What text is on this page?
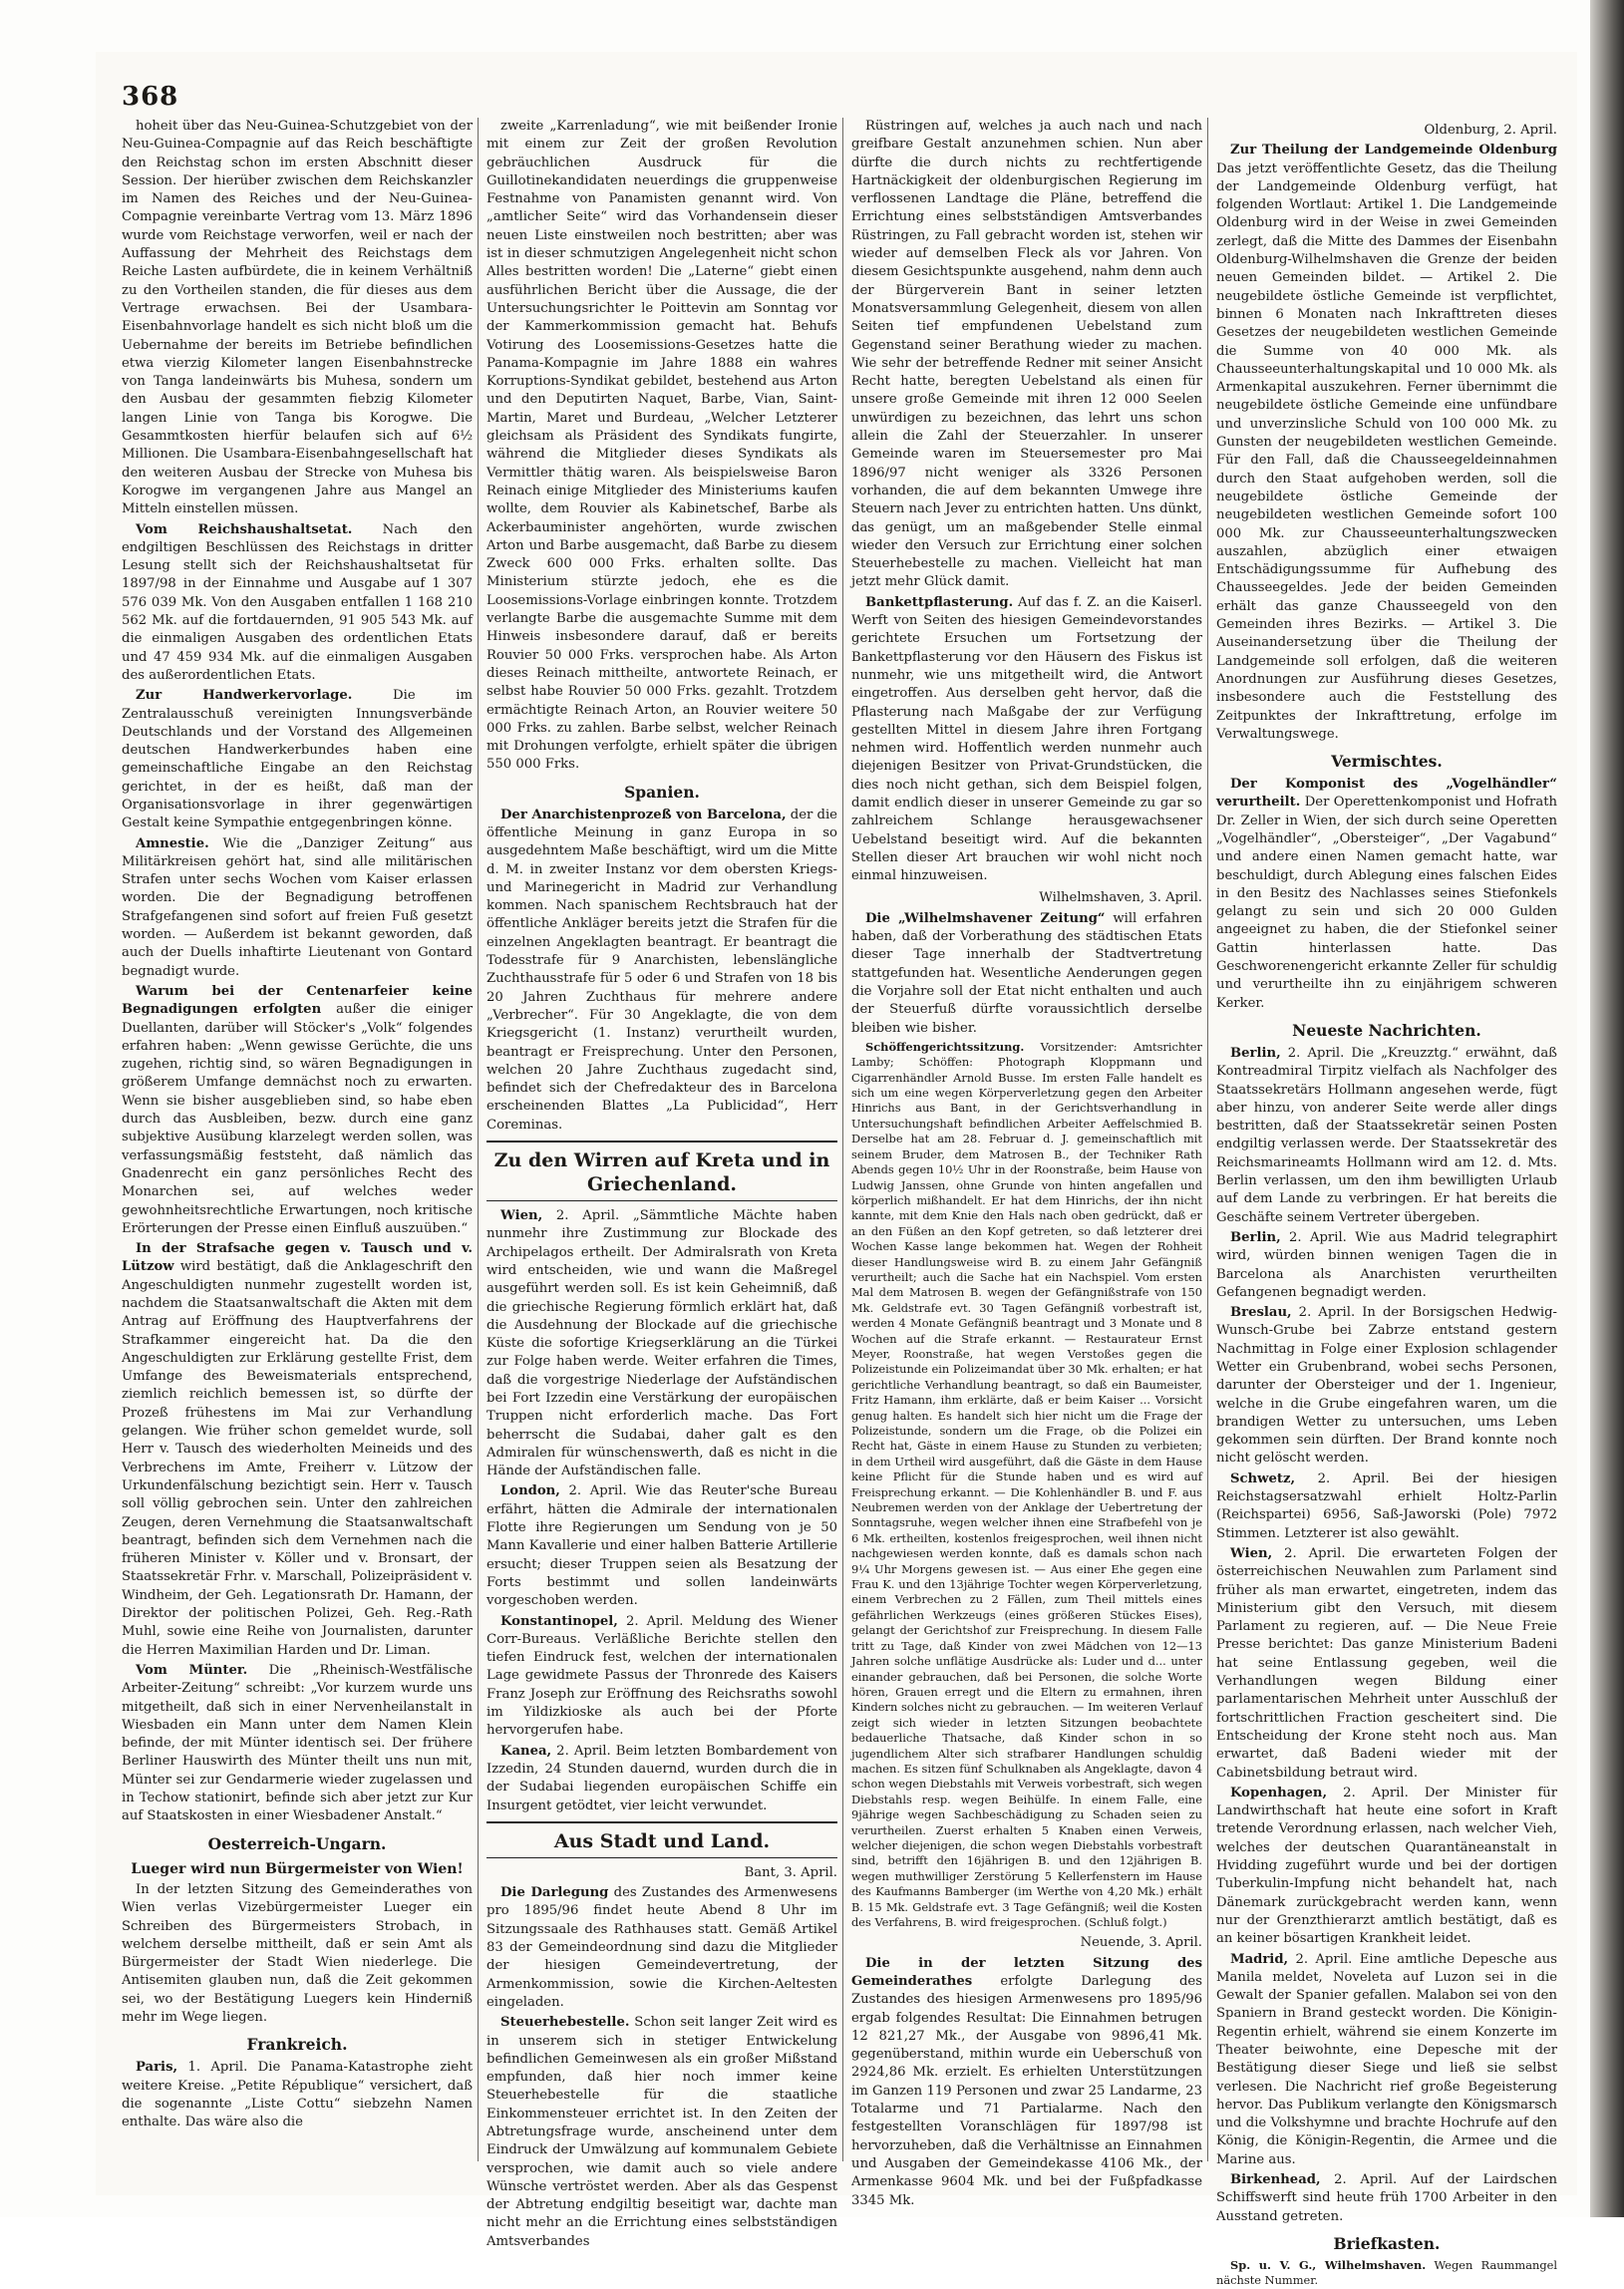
368

hoheit über das Neu-Guinea-Schutzgebiet von der Neu-Guinea-Compagnie auf das Reich beschäftigte den Reichstag schon im ersten Abschnitt dieser Session. Der hierüber zwischen dem Reichskanzler im Namen des Reiches und der Neu-Guinea-Compagnie vereinbarte Vertrag vom 13. März 1896 wurde vom Reichstage verworfen, weil er nach der Auffassung der Mehrheit des Reichstags dem Reiche Lasten aufbürdete, die in keinem Verhältniß zu den Vortheilen standen, die für dieses aus dem Vertrage erwachsen. Bei der Usambara-Eisenbahnvorlage handelt es sich nicht bloß um die Uebernahme der bereits im Betriebe befindlichen etwa vierzig Kilometer langen Eisenbahnstrecke von Tanga landeinwärts bis Muhesa, sondern um den Ausbau der gesammten fiebzig Kilometer langen Linie von Tanga bis Korogwe. Die Gesammtkosten hierfür belaufen sich auf 6½ Millionen. Die Usambara-Eisenbahngesellschaft hat den weiteren Ausbau der Strecke von Muhesa bis Korogwe im vergangenen Jahre aus Mangel an Mitteln einstellen müssen.

Vom Reichshaushaltsetat. Nach den endgiltigen Beschlüssen des Reichstags in dritter Lesung stellt sich der Reichshaushaltsetat für 1897/98 in der Einnahme und Ausgabe auf 1 307 576 039 Mk. Von den Ausgaben entfallen 1 168 210 562 Mk. auf die fortdauernden, 91 905 543 Mk. auf die einmaligen Ausgaben des ordentlichen Etats und 47 459 934 Mk. auf die einmaligen Ausgaben des außerordentlichen Etats.

Zur Handwerkervorlage. Die im Zentralausschuß vereinigten Innungsverbände Deutschlands und der Vorstand des Allgemeinen deutschen Handwerkerbundes haben eine gemeinschaftliche Eingabe an den Reichstag gerichtet, in der es heißt, daß man der Organisationsvorlage in ihrer gegenwärtigen Gestalt keine Sympathie entgegenbringen könne.

Amnestie. Wie die „Danziger Zeitung“ aus Militärkreisen gehört hat, sind alle militärischen Strafen unter sechs Wochen vom Kaiser erlassen worden. Die der Begnadigung betroffenen Strafgefangenen sind sofort auf freien Fuß gesetzt worden. — Außerdem ist bekannt geworden, daß auch der Duells inhaftirte Lieutenant von Gontard begnadigt wurde.

Warum bei der Centenarfeier keine Begnadigungen erfolgten außer die einiger Duellanten, darüber will Stöcker's „Volk“ folgendes erfahren haben: „Wenn gewisse Gerüchte, die uns zugehen, richtig sind, so wären Begnadigungen in größerem Umfange demnächst noch zu erwarten. Wenn sie bisher ausgeblieben sind, so habe eben durch das Ausbleiben, bezw. durch eine ganz subjektive Ausübung klarzelegt werden sollen, was verfassungsmäßig feststeht, daß nämlich das Gnadenrecht ein ganz persönliches Recht des Monarchen sei, auf welches weder gewohnheitsrechtliche Erwartungen, noch kritische Erörterungen der Presse einen Einfluß auszuüben.“

In der Strafsache gegen v. Tausch und v. Lützow wird bestätigt, daß die Anklageschrift den Angeschuldigten nunmehr zugestellt worden ist, nachdem die Staatsanwaltschaft die Akten mit dem Antrag auf Eröffnung des Hauptverfahrens der Strafkammer eingereicht hat. Da die den Angeschuldigten zur Erklärung gestellte Frist, dem Umfange des Beweismaterials entsprechend, ziemlich reichlich bemessen ist, so dürfte der Prozeß frühestens im Mai zur Verhandlung gelangen. Wie früher schon gemeldet wurde, soll Herr v. Tausch des wiederholten Meineids und des Verbrechens im Amte, Freiherr v. Lützow der Urkundenfälschung bezichtigt sein. Herr v. Tausch soll völlig gebrochen sein. Unter den zahlreichen Zeugen, deren Vernehmung die Staatsanwaltschaft beantragt, befinden sich dem Vernehmen nach die früheren Minister v. Köller und v. Bronsart, der Staatssekretär Frhr. v. Marschall, Polizeipräsident v. Windheim, der Geh. Legationsrath Dr. Hamann, der Direktor der politischen Polizei, Geh. Reg.-Rath Muhl, sowie eine Reihe von Journalisten, darunter die Herren Maximilian Harden und Dr. Liman.

Vom Münter. Die „Rheinisch-Westfälische Arbeiter-Zeitung“ schreibt: „Vor kurzem wurde uns mitgetheilt, daß sich in einer Nervenheilanstalt in Wiesbaden ein Mann unter dem Namen Klein befinde, der mit Münter identisch sei. Der frühere Berliner Hauswirth des Münter theilt uns nun mit, Münter sei zur Gendarmerie wieder zugelassen und in Techow stationirt, befinde sich aber jetzt zur Kur auf Staatskosten in einer Wiesbadener Anstalt.“

Oesterreich-Ungarn.
Lueger wird nun Bürgermeister von Wien!

In der letzten Sitzung des Gemeinderathes von Wien verlas Vizebürgermeister Lueger ein Schreiben des Bürgermeisters Strobach, in welchem derselbe mittheilt, daß er sein Amt als Bürgermeister der Stadt Wien niederlege. Die Antisemiten glauben nun, daß die Zeit gekommen sei, wo der Bestätigung Luegers kein Hinderniß mehr im Wege liegen.

Frankreich.

Paris, 1. April. Die Panama-Katastrophe zieht weitere Kreise. „Petite République“ versichert, daß die sogenannte „Liste Cottu“ siebzehn Namen enthalte. Das wäre also die

zweite „Karrenladung“, wie mit beißender Ironie mit einem zur Zeit der großen Revolution gebräuchlichen Ausdruck für die Guillotinekandidaten neuerdings die gruppenweise Festnahme von Panamisten genannt wird. Von „amtlicher Seite“ wird das Vorhandensein dieser neuen Liste einstweilen noch bestritten; aber was ist in dieser schmutzigen Angelegenheit nicht schon Alles bestritten worden! Die „Laterne“ giebt einen ausführlichen Bericht über die Aussage, die der Untersuchungsrichter le Poittevin am Sonntag vor der Kammerkommission gemacht hat. Behufs Votirung des Loosemissions-Gesetzes hatte die Panama-Kompagnie im Jahre 1888 ein wahres Korruptions-Syndikat gebildet, bestehend aus Arton und den Deputirten Naquet, Barbe, Vian, Saint-Martin, Maret und Burdeau, „Welcher Letzterer gleichsam als Präsident des Syndikats fungirte, während die Mitglieder dieses Syndikats als Vermittler thätig waren. Als beispielsweise Baron Reinach einige Mitglieder des Ministeriums kaufen wollte, dem Rouvier als Kabinetschef, Barbe als Ackerbauminister angehörten, wurde zwischen Arton und Barbe ausgemacht, daß Barbe zu diesem Zweck 600 000 Frks. erhalten sollte. Das Ministerium stürzte jedoch, ehe es die Loosemissions-Vorlage einbringen konnte. Trotzdem verlangte Barbe die ausgemachte Summe mit dem Hinweis insbesondere darauf, daß er bereits Rouvier 50 000 Frks. versprochen habe. Als Arton dieses Reinach mittheilte, antwortete Reinach, er selbst habe Rouvier 50 000 Frks. gezahlt. Trotzdem ermächtigte Reinach Arton, an Rouvier weitere 50 000 Frks. zu zahlen. Barbe selbst, welcher Reinach mit Drohungen verfolgte, erhielt später die übrigen 550 000 Frks.

Spanien.

Der Anarchistenprozeß von Barcelona, der die öffentliche Meinung in ganz Europa in so ausgedehntem Maße beschäftigt, wird um die Mitte d. M. in zweiter Instanz vor dem obersten Kriegs- und Marinegericht in Madrid zur Verhandlung kommen. Nach spanischem Rechtsbrauch hat der öffentliche Ankläger bereits jetzt die Strafen für die einzelnen Angeklagten beantragt. Er beantragt die Todesstrafe für 9 Anarchisten, lebenslängliche Zuchthausstrafe für 5 oder 6 und Strafen von 18 bis 20 Jahren Zuchthaus für mehrere andere „Verbrecher“. Für 30 Angeklagte, die von dem Kriegsgericht (1. Instanz) verurtheilt wurden, beantragt er Freisprechung. Unter den Personen, welchen 20 Jahre Zuchthaus zugedacht sind, befindet sich der Chefredakteur des in Barcelona erscheinenden Blattes „La Publicidad“, Herr Coreminas.

Zu den Wirren auf Kreta und in Griechenland.

Wien, 2. April. „Sämmtliche Mächte haben nunmehr ihre Zustimmung zur Blockade des Archipelagos ertheilt. Der Admiralsrath von Kreta wird entscheiden, wie und wann die Maßregel ausgeführt werden soll. Es ist kein Geheimniß, daß die griechische Regierung förmlich erklärt hat, daß die Ausdehnung der Blockade auf die griechische Küste die sofortige Kriegserklärung an die Türkei zur Folge haben werde. Weiter erfahren die Times, daß die vorgestrige Niederlage der Aufständischen bei Fort Izzedin eine Verstärkung der europäischen Truppen nicht erforderlich mache. Das Fort beherrscht die Sudabai, daher galt es den Admiralen für wünschenswerth, daß es nicht in die Hände der Aufständischen falle.

London, 2. April. Wie das Reuter'sche Bureau erfährt, hätten die Admirale der internationalen Flotte ihre Regierungen um Sendung von je 50 Mann Kavallerie und einer halben Batterie Artillerie ersucht; dieser Truppen seien als Besatzung der Forts bestimmt und sollen landeinwärts vorgeschoben werden.

Konstantinopel, 2. April. Meldung des Wiener Corr-Bureaus. Verläßliche Berichte stellen den tiefen Eindruck fest, welchen der internationalen Lage gewidmete Passus der Thronrede des Kaisers Franz Joseph zur Eröffnung des Reichsraths sowohl im Yildizkioske als auch bei der Pforte hervorgerufen habe.

Kanea, 2. April. Beim letzten Bombardement von Izzedin, 24 Stunden dauernd, wurden durch die in der Sudabai liegenden europäischen Schiffe ein Insurgent getödtet, vier leicht verwundet.

Aus Stadt und Land.

Bant, 3. April.

Die Darlegung des Zustandes des Armenwesens pro 1895/96 findet heute Abend 8 Uhr im Sitzungssaale des Rathhauses statt. Gemäß Artikel 83 der Gemeindeordnung sind dazu die Mitglieder der hiesigen Gemeindevertretung, der Armenkommission, sowie die Kirchen-Aeltesten eingeladen.

Steuerhebestelle. Schon seit langer Zeit wird es in unserem sich in stetiger Entwickelung befindlichen Gemeinwesen als ein großer Mißstand empfunden, daß hier noch immer keine Steuerhebestelle für die staatliche Einkommensteuer errichtet ist. In den Zeiten der Abtretungsfrage wurde, anscheinend unter dem Eindruck der Umwälzung auf kommunalem Gebiete versprochen, wie damit auch so viele andere Wünsche vertröstet werden. Aber als das Gespenst der Abtretung endgiltig beseitigt war, dachte man nicht mehr an die Errichtung eines selbstständigen Amtsverbandes

Rüstringen auf, welches ja auch nach und nach greifbare Gestalt anzunehmen schien. Nun aber dürfte die durch nichts zu rechtfertigende Hartnäckigkeit der oldenburgischen Regierung im verflossenen Landtage die Pläne, betreffend die Errichtung eines selbstständigen Amtsverbandes Rüstringen, zu Fall gebracht worden ist, stehen wir wieder auf demselben Fleck als vor Jahren. Von diesem Gesichtspunkte ausgehend, nahm denn auch der Bürgerverein Bant in seiner letzten Monatsversammlung Gelegenheit, diesem von allen Seiten tief empfundenen Uebelstand zum Gegenstand seiner Berathung wieder zu machen. Wie sehr der betreffende Redner mit seiner Ansicht Recht hatte, beregten Uebelstand als einen für unsere große Gemeinde mit ihren 12 000 Seelen unwürdigen zu bezeichnen, das lehrt uns schon allein die Zahl der Steuerzahler. In unserer Gemeinde waren im Steuersemester pro Mai 1896/97 nicht weniger als 3326 Personen vorhanden, die auf dem bekannten Umwege ihre Steuern nach Jever zu entrichten hatten. Uns dünkt, das genügt, um an maßgebender Stelle einmal wieder den Versuch zur Errichtung einer solchen Steuerhebestelle zu machen. Vielleicht hat man jetzt mehr Glück damit.

Bankettpflasterung. Auf das f. Z. an die Kaiserl. Werft von Seiten des hiesigen Gemeindevorstandes gerichtete Ersuchen um Fortsetzung der Bankettpflasterung vor den Häusern des Fiskus ist nunmehr, wie uns mitgetheilt wird, die Antwort eingetroffen. Aus derselben geht hervor, daß die Pflasterung nach Maßgabe der zur Verfügung gestellten Mittel in diesem Jahre ihren Fortgang nehmen wird. Hoffentlich werden nunmehr auch diejenigen Besitzer von Privat-Grundstücken, die dies noch nicht gethan, sich dem Beispiel folgen, damit endlich dieser in unserer Gemeinde zu gar so zahlreichem Schlange herausgewachsener Uebelstand beseitigt wird. Auf die bekannten Stellen dieser Art brauchen wir wohl nicht noch einmal hinzuweisen.

Wilhelmshaven, 3. April.

Die „Wilhelmshavener Zeitung“ will erfahren haben, daß der Vorberathung des städtischen Etats dieser Tage innerhalb der Stadtvertretung stattgefunden hat. Wesentliche Aenderungen gegen die Vorjahre soll der Etat nicht enthalten und auch der Steuerfuß dürfte voraussichtlich derselbe bleiben wie bisher.

Schöffengerichtssitzung. Vorsitzender: Amtsrichter Lamby; Schöffen: Photograph Kloppmann und Cigarrenhändler Arnold Busse. Im ersten Falle handelt es sich um eine wegen Körperverletzung gegen den Arbeiter Hinrichs aus Bant, in der Gerichtsverhandlung in Untersuchungshaft befindlichen Arbeiter Aeffelschmied B. Derselbe hat am 28. Februar d. J. gemeinschaftlich mit seinem Bruder, dem Matrosen B., der Techniker Rath Abends gegen 10½ Uhr in der Roonstraße, beim Hause von Ludwig Janssen, ohne Grunde von hinten angefallen und körperlich mißhandelt. Er hat dem Hinrichs, der ihn nicht kannte, mit dem Knie den Hals nach oben gedrückt, daß er an den Füßen an den Kopf getreten, so daß letzterer drei Wochen Kasse lange bekommen hat. Wegen der Rohheit dieser Handlungsweise wird B. zu einem Jahr Gefängniß verurtheilt; auch die Sache hat ein Nachspiel. Vom ersten Mal dem Matrosen B. wegen der Gefängnißstrafe von 150 Mk. Geldstrafe evt. 30 Tagen Gefängniß vorbestraft ist, werden 4 Monate Gefängniß beantragt und 3 Monate und 8 Wochen auf die Strafe erkannt. — Restaurateur Ernst Meyer, Roonstraße, hat wegen Verstoßes gegen die Polizeistunde ein Polizeimandat über 30 Mk. erhalten; er hat gerichtliche Verhandlung beantragt, so daß ein Baumeister, Fritz Hamann, ihm erklärte, daß er beim Kaiser ... Vorsicht genug halten. Es handelt sich hier nicht um die Frage der Polizeistunde, sondern um die Frage, ob die Polizei ein Recht hat, Gäste in einem Hause zu Stunden zu verbieten; in dem Urtheil wird ausgeführt, daß die Gäste in dem Hause keine Pflicht für die Stunde haben und es wird auf Freisprechung erkannt. — Die Kohlenhändler B. und F. aus Neubremen werden von der Anklage der Uebertretung der Sonntagsruhe, wegen welcher ihnen eine Strafbefehl von je 6 Mk. ertheilten, kostenlos freigesprochen, weil ihnen nicht nachgewiesen werden konnte, daß es damals schon nach 9¼ Uhr Morgens gewesen ist. — Aus einer Ehe gegen eine Frau K. und den 13jährige Tochter wegen Körperverletzung, einem Verbrechen zu 2 Fällen, zum Theil mittels eines gefährlichen Werkzeugs (eines größeren Stückes Eises), gelangt der Gerichtshof zur Freisprechung. In diesem Falle tritt zu Tage, daß Kinder von zwei Mädchen von 12—13 Jahren solche unflätige Ausdrücke als: Luder und d... unter einander gebrauchen, daß bei Personen, die solche Worte hören, Grauen erregt und die Eltern zu ermahnen, ihren Kindern solches nicht zu gebrauchen. — Im weiteren Verlauf zeigt sich wieder in letzten Sitzungen beobachtete bedauerliche Thatsache, daß Kinder schon in so jugendlichem Alter sich strafbarer Handlungen schuldig machen. Es sitzen fünf Schulknaben als Angeklagte, davon 4 schon wegen Diebstahls mit Verweis vorbestraft, sich wegen Diebstahls resp. wegen Beihülfe. In einem Falle, eine 9jährige wegen Sachbeschädigung zu Schaden seien zu verurtheilen. Zuerst erhalten 5 Knaben einen Verweis, welcher diejenigen, die schon wegen Diebstahls vorbestraft sind, betrifft den 16jährigen B. und den 12jährigen B. wegen muthwilliger Zerstörung 5 Kellerfenstern im Hause des Kaufmanns Bamberger (im Werthe von 4,20 Mk.) erhält B. 15 Mk. Geldstrafe evt. 3 Tage Gefängniß; weil die Kosten des Verfahrens, B. wird freigesprochen. (Schluß folgt.)

Neuende, 3. April.

Die in der letzten Sitzung des Gemeinderathes erfolgte Darlegung des Zustandes des hiesigen Armenwesens pro 1895/96 ergab folgendes Resultat: Die Einnahmen betrugen 12 821,27 Mk., der Ausgabe von 9896,41 Mk. gegenüberstand, mithin wurde ein Ueberschuß von 2924,86 Mk. erzielt. Es erhielten Unterstützungen im Ganzen 119 Personen und zwar 25 Landarme, 23 Totalarme und 71 Partialarme. Nach den festgestellten Voranschlägen für 1897/98 ist hervorzuheben, daß die Verhältnisse an Einnahmen und Ausgaben der Gemeindekasse 4106 Mk., der Armenkasse 9604 Mk. und bei der Fußpfadkasse 3345 Mk.

Oldenburg, 2. April.

Zur Theilung der Landgemeinde Oldenburg Das jetzt veröffentlichte Gesetz, das die Theilung der Landgemeinde Oldenburg verfügt, hat folgenden Wortlaut: Artikel 1. Die Landgemeinde Oldenburg wird in der Weise in zwei Gemeinden zerlegt, daß die Mitte des Dammes der Eisenbahn Oldenburg-Wilhelmshaven die Grenze der beiden neuen Gemeinden bildet. — Artikel 2. Die neugebildete östliche Gemeinde ist verpflichtet, binnen 6 Monaten nach Inkrafttreten dieses Gesetzes der neugebildeten westlichen Gemeinde die Summe von 40 000 Mk. als Chausseeunterhaltungskapital und 10 000 Mk. als Armenkapital auszukehren. Ferner übernimmt die neugebildete östliche Gemeinde eine unfündbare und unverzinsliche Schuld von 100 000 Mk. zu Gunsten der neugebildeten westlichen Gemeinde. Für den Fall, daß die Chausseegeldeinnahmen durch den Staat aufgehoben werden, soll die neugebildete östliche Gemeinde der neugebildeten westlichen Gemeinde sofort 100 000 Mk. zur Chausseeunterhaltungszwecken auszahlen, abzüglich einer etwaigen Entschädigungssumme für Aufhebung des Chausseegeldes. Jede der beiden Gemeinden erhält das ganze Chausseegeld von den Gemeinden ihres Bezirks. — Artikel 3. Die Auseinandersetzung über die Theilung der Landgemeinde soll erfolgen, daß die weiteren Anordnungen zur Ausführung dieses Gesetzes, insbesondere auch die Feststellung des Zeitpunktes der Inkrafttretung, erfolge im Verwaltungswege.

Vermischtes.

Der Komponist des „Vogelhändler“ verurtheilt. Der Operettenkomponist und Hofrath Dr. Zeller in Wien, der sich durch seine Operetten „Vogelhändler“, „Obersteiger“, „Der Vagabund“ und andere einen Namen gemacht hatte, war beschuldigt, durch Ablegung eines falschen Eides in den Besitz des Nachlasses seines Stiefonkels gelangt zu sein und sich 20 000 Gulden angeeignet zu haben, die der Stiefonkel seiner Gattin hinterlassen hatte. Das Geschworenengericht erkannte Zeller für schuldig und verurtheilte ihn zu einjährigem schweren Kerker.

Neueste Nachrichten.

Berlin, 2. April. Die „Kreuzztg.“ erwähnt, daß Kontreadmiral Tirpitz vielfach als Nachfolger des Staatssekretärs Hollmann angesehen werde, fügt aber hinzu, von anderer Seite werde aller dings bestritten, daß der Staatssekretär seinen Posten endgiltig verlassen werde. Der Staatssekretär des Reichsmarineamts Hollmann wird am 12. d. Mts. Berlin verlassen, um den ihm bewilligten Urlaub auf dem Lande zu verbringen. Er hat bereits die Geschäfte seinem Vertreter übergeben.

Berlin, 2. April. Wie aus Madrid telegraphirt wird, würden binnen wenigen Tagen die in Barcelona als Anarchisten verurtheilten Gefangenen begnadigt werden.

Breslau, 2. April. In der Borsigschen Hedwig-Wunsch-Grube bei Zabrze entstand gestern Nachmittag in Folge einer Explosion schlagender Wetter ein Grubenbrand, wobei sechs Personen, darunter der Obersteiger und der 1. Ingenieur, welche in die Grube eingefahren waren, um die brandigen Wetter zu untersuchen, ums Leben gekommen sein dürften. Der Brand konnte noch nicht gelöscht werden.

Schwetz, 2. April. Bei der hiesigen Reichstagsersatzwahl erhielt Holtz-Parlin (Reichspartei) 6956, Saß-Jaworski (Pole) 7972 Stimmen. Letzterer ist also gewählt.

Wien, 2. April. Die erwarteten Folgen der österreichischen Neuwahlen zum Parlament sind früher als man erwartet, eingetreten, indem das Ministerium gibt den Versuch, mit diesem Parlament zu regieren, auf. — Die Neue Freie Presse berichtet: Das ganze Ministerium Badeni hat seine Entlassung gegeben, weil die Verhandlungen wegen Bildung einer parlamentarischen Mehrheit unter Ausschluß der fortschrittlichen Fraction gescheitert sind. Die Entscheidung der Krone steht noch aus. Man erwartet, daß Badeni wieder mit der Cabinetsbildung betraut wird.

Kopenhagen, 2. April. Der Minister für Landwirthschaft hat heute eine sofort in Kraft tretende Verordnung erlassen, nach welcher Vieh, welches der deutschen Quarantäneanstalt in Hvidding zugeführt wurde und bei der dortigen Tuberkulin-Impfung nicht behandelt hat, nach Dänemark zurückgebracht werden kann, wenn nur der Grenzthierarzt amtlich bestätigt, daß es an keiner bösartigen Krankheit leidet.

Madrid, 2. April. Eine amtliche Depesche aus Manila meldet, Noveleta auf Luzon sei in die Gewalt der Spanier gefallen. Malabon sei von den Spaniern in Brand gesteckt worden. Die Königin-Regentin erhielt, während sie einem Konzerte im Theater beiwohnte, eine Depesche mit der Bestätigung dieser Siege und ließ sie selbst verlesen. Die Nachricht rief große Begeisterung hervor. Das Publikum verlangte den Königsmarsch und die Volkshymne und brachte Hochrufe auf den König, die Königin-Regentin, die Armee und die Marine aus.

Birkenhead, 2. April. Auf der Lairdschen Schiffswerft sind heute früh 1700 Arbeiter in den Ausstand getreten.

Briefkasten.

Sp. u. V. G., Wilhelmshaven. Wegen Raummangel nächste Nummer.
